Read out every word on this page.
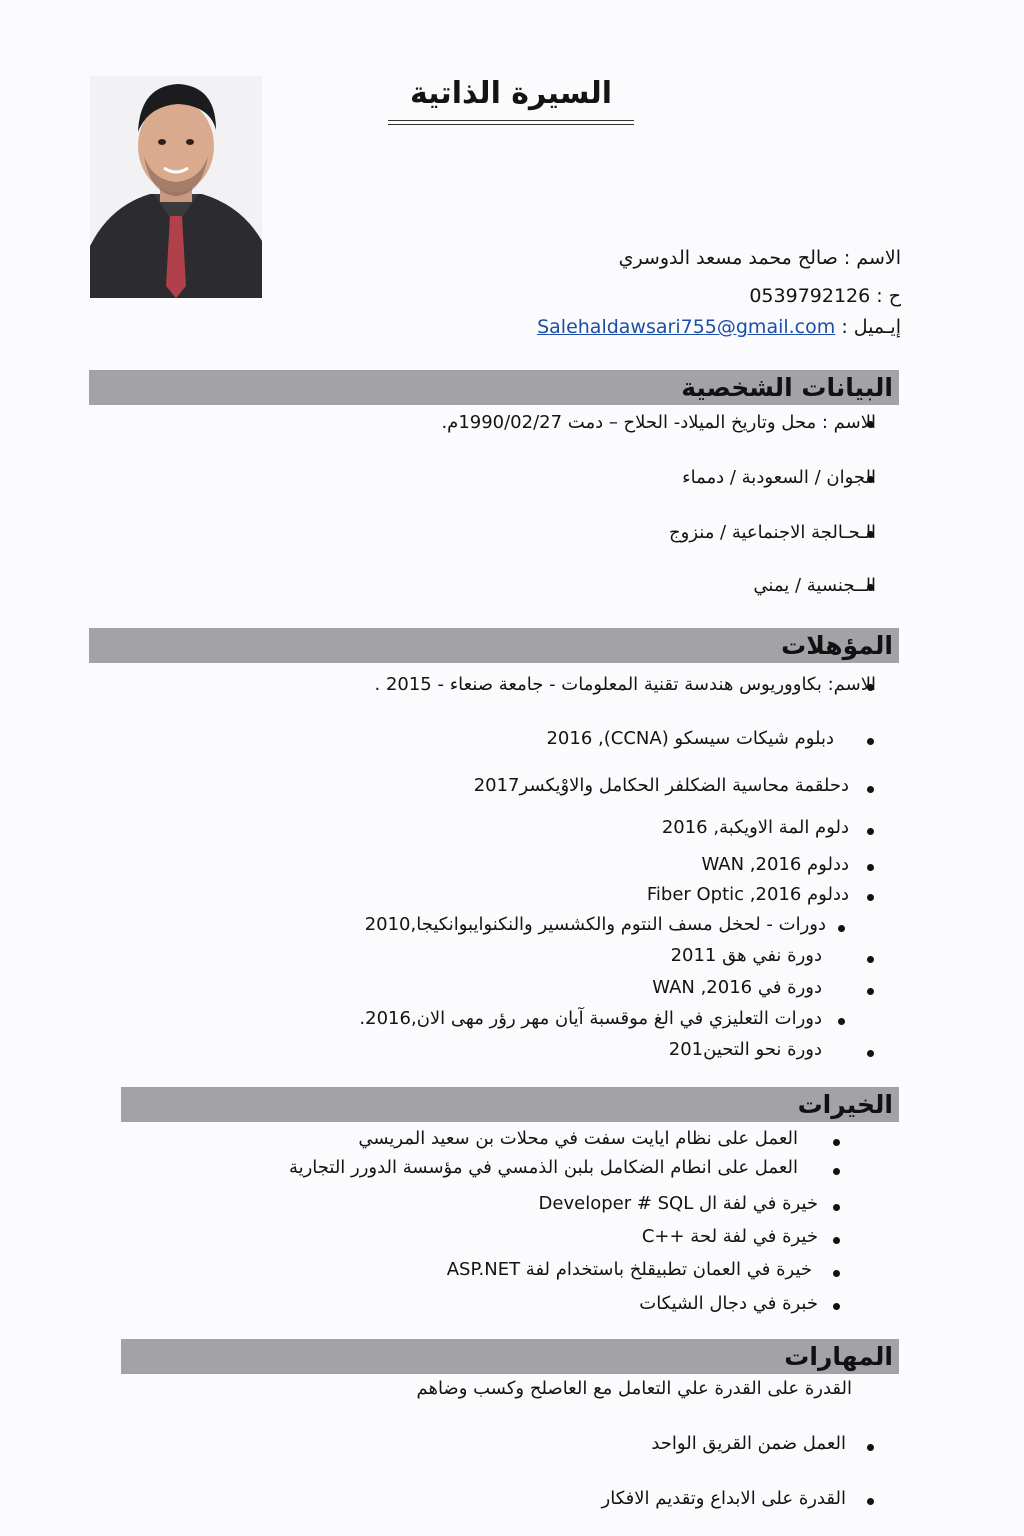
السيرة الذاتية
الاسم : صالح محمد مسعد الدوسري
ح : 0539792126
إيـميل : Salehaldawsari755@gmail.com
البيانات الشخصية
الاسم : محل وتاريخ الميلاد- الحلاح – دمت 1990/02/27م.
الجوان / السعودبة / دمماء
الـحـالجة الاجنماعية / منزوج
الــجنسية / يمني
المؤهلات
الاسم: بكاووريوس هندسة تقنية المعلومات - جامعة صنعاء - 2015 .
دبلوم شيكات سيسكو (CCNA), 2016
دحلقمة محاسية الضكلفر الحكامل والاوْيكسر2017
دلوم المة الاويكبة, 2016
ددلوم WAN ,2016
ددلوم Fiber Optic ,2016
دورات - لحخل مسف النتوم والكشسير والنكنوايبوانكيجا,2010
دورة نفي هق 2011
دورة في WAN ,2016
دورات التعليزي في الغ موقسبة آيان مهر رؤر مهى الان,2016.
دورة نحو التحين201
الخيرات
العمل على نظام ايايت سفت في محلات بن سعيد المريسي
العمل على انطام الضكامل بلبن الذمسي في مؤسسة الدورر التجارية
خيرة في لفة ال Developer # SQL
خيرة في لفة لحة ++C
خيرة في العمان تطبيقلخ باستخدام لفة ASP.NET
خبرة في دجال الشيكات
المهارات
القدرة على القدرة علي التعامل مع العاصلح وكسب وضاهم
العمل ضمن القريق الواحد
القدرة على الابداع وتقديم الافكار
